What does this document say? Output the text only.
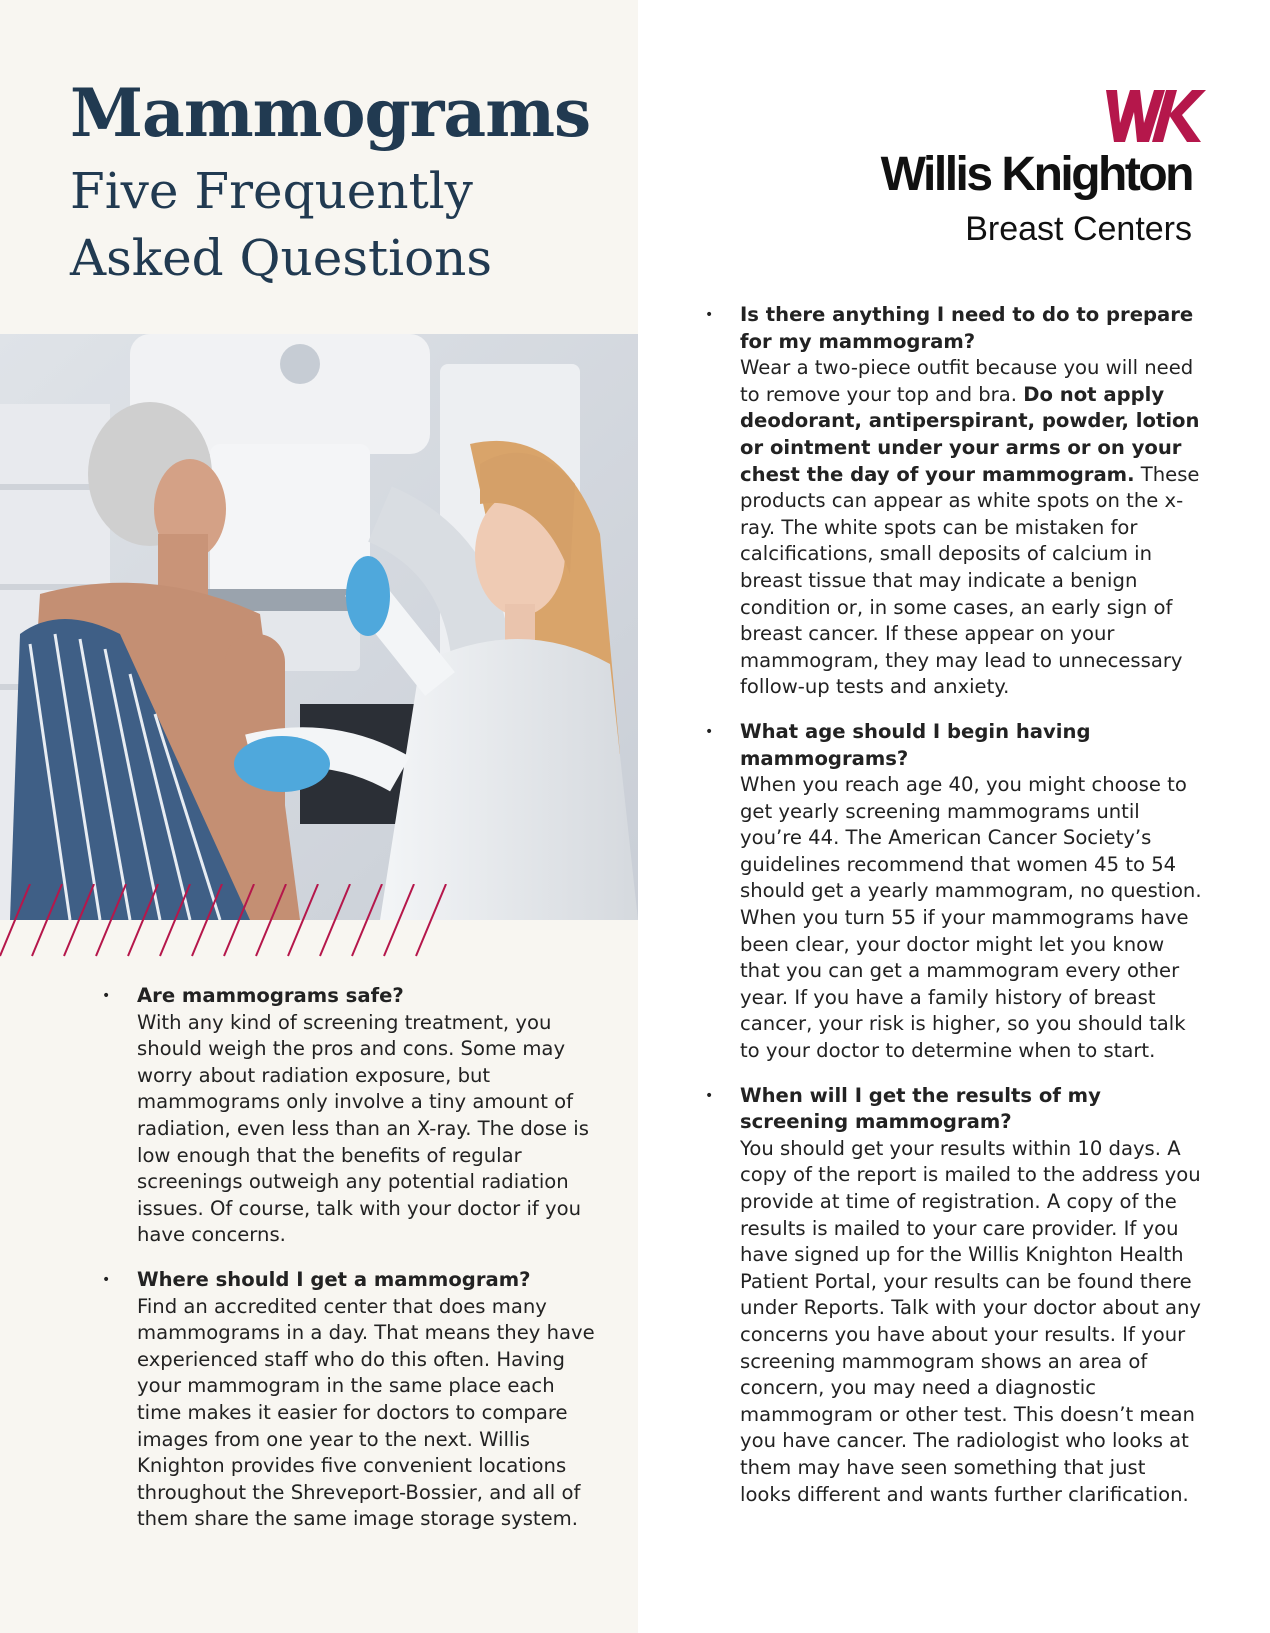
Mammograms
Five Frequently
Asked Questions
Willis Knighton
Breast Centers
• Are mammograms safe?

With any kind of screening treatment, you should weigh the pros and cons. Some may worry about radiation exposure, but mammograms only involve a tiny amount of radiation, even less than an X-ray. The dose is low enough that the benefits of regular screenings outweigh any potential radiation issues. Of course, talk with your doctor if you have concerns.

• Where should I get a mammogram?

Find an accredited center that does many mammograms in a day. That means they have experienced staff who do this often. Having your mammogram in the same place each time makes it easier for doctors to compare images from one year to the next. Willis Knighton provides five convenient locations throughout the Shreveport-Bossier, and all of them share the same image storage system.

• Is there anything I need to do to prepare for my mammogram?

Wear a two-piece outfit because you will need to remove your top and bra. Do not apply deodorant, antiperspirant, powder, lotion or ointment under your arms or on your chest the day of your mammogram. These products can appear as white spots on the x-ray. The white spots can be mistaken for calcifications, small deposits of calcium in breast tissue that may indicate a benign condition or, in some cases, an early sign of breast cancer. If these appear on your mammogram, they may lead to unnecessary follow-up tests and anxiety.

• What age should I begin having mammograms?

When you reach age 40, you might choose to get yearly screening mammograms until you’re 44. The American Cancer Society’s guidelines recommend that women 45 to 54 should get a yearly mammogram, no question. When you turn 55 if your mammograms have been clear, your doctor might let you know that you can get a mammogram every other year. If you have a family history of breast cancer, your risk is higher, so you should talk to your doctor to determine when to start.

• When will I get the results of my screening mammogram?

You should get your results within 10 days. A copy of the report is mailed to the address you provide at time of registration. A copy of the results is mailed to your care provider. If you have signed up for the Willis Knighton Health Patient Portal, your results can be found there under Reports. Talk with your doctor about any concerns you have about your results. If your screening mammogram shows an area of concern, you may need a diagnostic mammogram or other test. This doesn’t mean you have cancer. The radiologist who looks at them may have seen something that just looks different and wants further clarification.
